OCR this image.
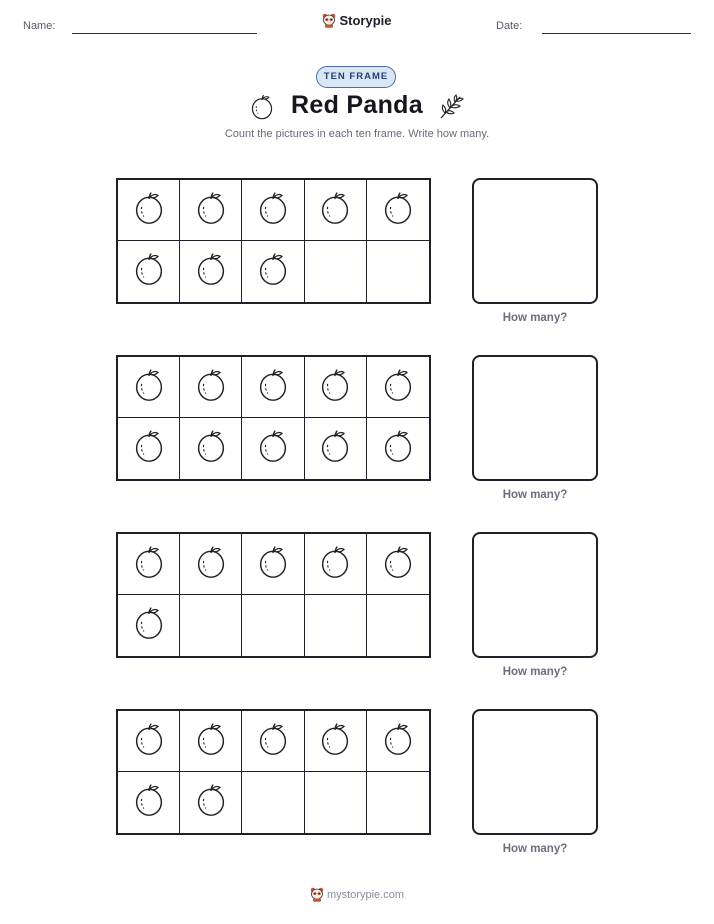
Name:	Date:
Storypie
TEN FRAME
Red Panda
Count the pictures in each ten frame. Write how many.
How many?
How many?
How many?
How many?
mystorypie.com
